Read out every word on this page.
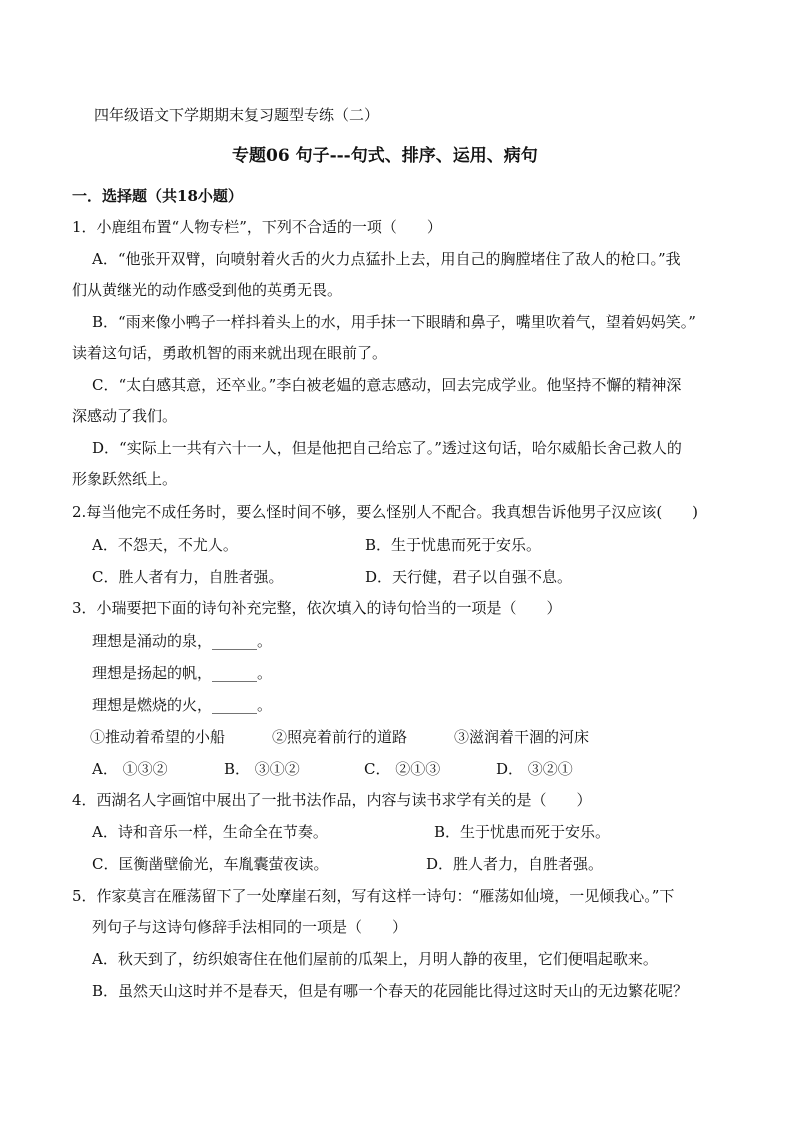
四年级语文下学期期末复习题型专练（二）
专题06 句子---句式、排序、运用、病句
一．选择题（共18小题）
1．小鹿组布置“人物专栏”，下列不合适的一项（　　）
A．“他张开双臂，向喷射着火舌的火力点猛扑上去，用自己的胸膛堵住了敌人的枪口。”我
们从黄继光的动作感受到他的英勇无畏。
B．“雨来像小鸭子一样抖着头上的水，用手抹一下眼睛和鼻子，嘴里吹着气，望着妈妈笑。”
读着这句话，勇敢机智的雨来就出现在眼前了。
C．“太白感其意，还卒业。”李白被老媪的意志感动，回去完成学业。他坚持不懈的精神深
深感动了我们。
D．“实际上一共有六十一人，但是他把自己给忘了。”透过这句话，哈尔威船长舍己救人的
形象跃然纸上。
2.每当他完不成任务时，要么怪时间不够，要么怪别人不配合。我真想告诉他男子汉应该(　　)
A．不怨天，不尤人。	B．生于忧患而死于安乐。
C．胜人者有力，自胜者强。	D．天行健，君子以自强不息。
3．小瑞要把下面的诗句补充完整，依次填入的诗句恰当的一项是（　　）
理想是涌动的泉，______。
理想是扬起的帆，______。
理想是燃烧的火，______。
①推动着希望的小船	②照亮着前行的道路	③滋润着干涸的河床
A． ①③②	B． ③①②	C． ②①③	D． ③②①
4．西湖名人字画馆中展出了一批书法作品，内容与读书求学有关的是（　　）
A．诗和音乐一样，生命全在节奏。	B．生于忧患而死于安乐。
C．匡衡凿壁偷光，车胤囊萤夜读。	D．胜人者力，自胜者强。
5．作家莫言在雁荡留下了一处摩崖石刻，写有这样一诗句：“雁荡如仙境，一见倾我心。”下
列句子与这诗句修辞手法相同的一项是（　　）
A．秋天到了，纺织娘寄住在他们屋前的瓜架上，月明人静的夜里，它们便唱起歌来。
B．虽然天山这时并不是春天，但是有哪一个春天的花园能比得过这时天山的无边繁花呢？
